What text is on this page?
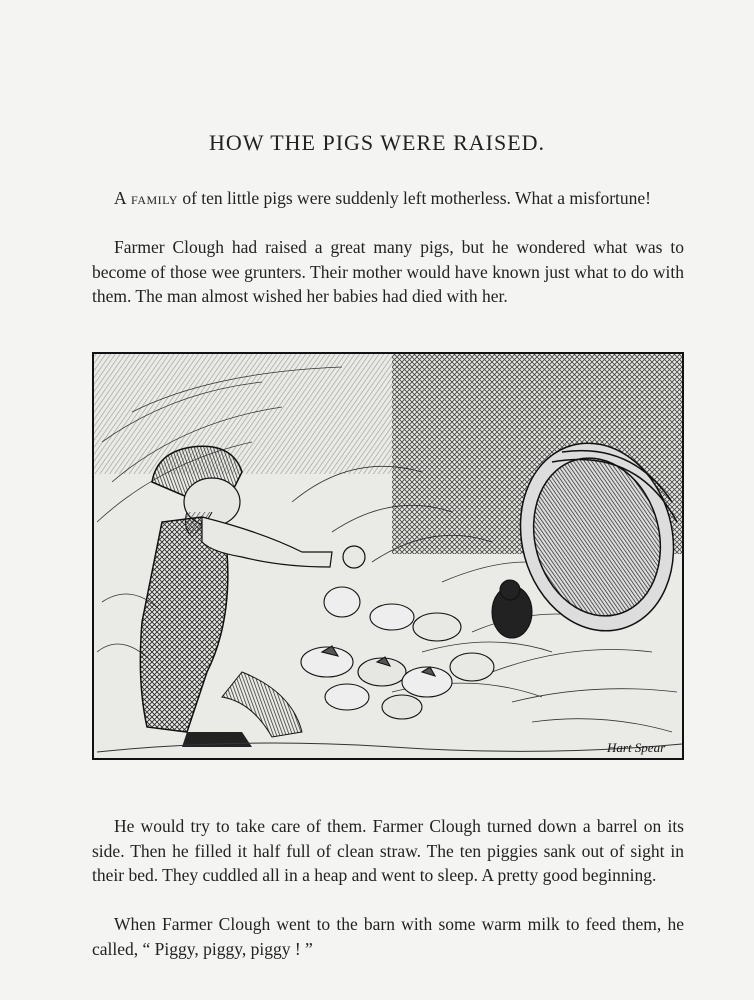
HOW THE PIGS WERE RAISED.

A family of ten little pigs were suddenly left motherless. What a misfortune!

Farmer Clough had raised a great many pigs, but he wondered what was to become of those wee grunters. Their mother would have known just what to do with them. The man almost wished her babies had died with her.

Hart Spear

He would try to take care of them. Farmer Clough turned down a barrel on its side. Then he filled it half full of clean straw. The ten piggies sank out of sight in their bed. They cuddled all in a heap and went to sleep. A pretty good beginning.

When Farmer Clough went to the barn with some warm milk to feed them, he called, “ Piggy, piggy, piggy ! ”
